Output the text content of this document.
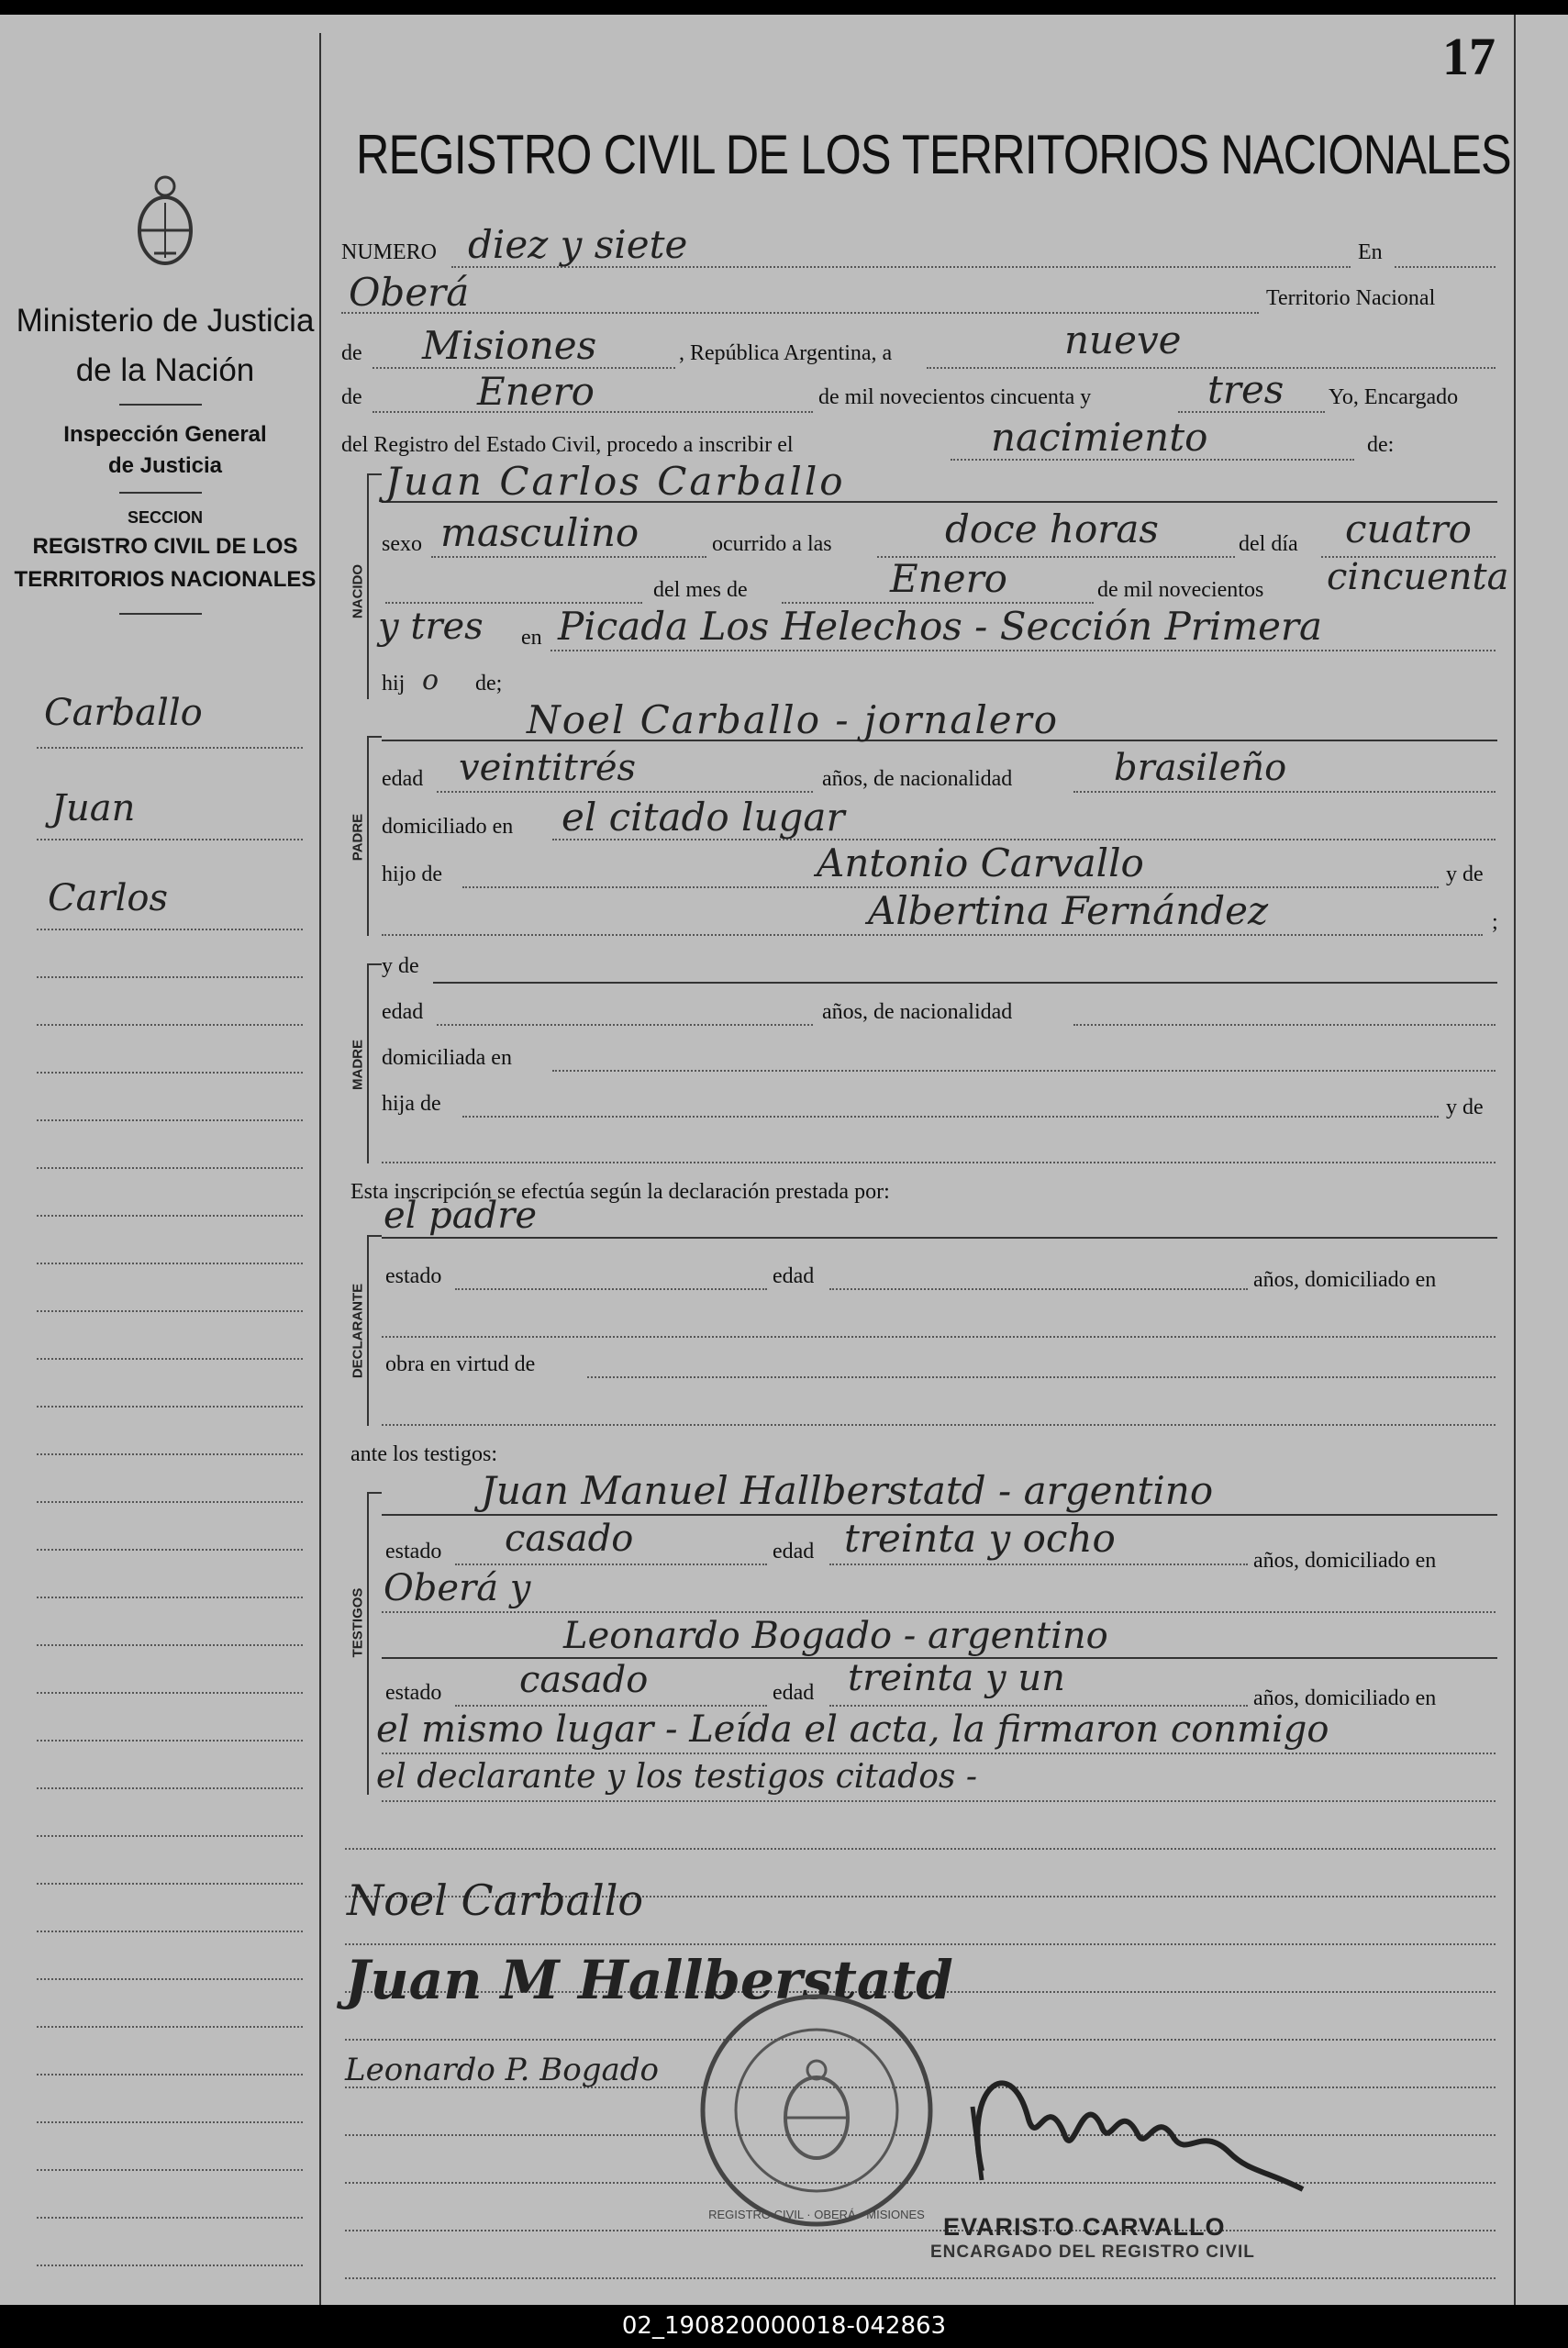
17
Ministerio de Justicia
de la Nación
Inspección General
de Justicia
SECCION
REGISTRO CIVIL DE LOS
TERRITORIOS NACIONALES
Carballo
Juan
Carlos
REGISTRO CIVIL DE LOS TERRITORIOS NACIONALES
NUMERO diez y siete	En
Oberá	Territorio Nacional
de Misiones	, República Argentina, a	nueve
de	Enero	de mil novecientos cincuenta y	tres Yo, Encargado
del Registro del Estado Civil, procedo a inscribir el	nacimiento	de:
NACIDO
Juan Carlos Carballo
sexo masculino	ocurrido a las	doce horas	del día cuatro
del mes de	Enero	de mil novecientos cincuenta
y tres en Picada Los Helechos - Sección Primera
hij o de;
PADRE
Noel Carballo - jornalero
edad veintitrés	años, de nacionalidad	brasileño
domiciliado en el citado lugar
hijo de	Antonio Carvallo	y de
Albertina Fernández	;
MADRE
y de
edad	años, de nacionalidad
domiciliada en
hija de	y de
Esta inscripción se efectúa según la declaración prestada por:
DECLARANTE
el padre
estado	edad	años, domiciliado en
obra en virtud de
ante los testigos:
TESTIGOS
Juan Manuel Hallberstatd - argentino
estado casado	edad treinta y ocho	años, domiciliado en
Oberá y
Leonardo Bogado - argentino
estado casado	edad treinta y un	años, domiciliado en
el mismo lugar - Leída el acta, la firmaron conmigo
el declarante y los testigos citados -
Noel Carballo
Juan M Hallberstatd
Leonardo P. Bogado
REGISTRO CIVIL · OBERÁ · MISIONES EVARISTO CARVALLO
ENCARGADO DEL REGISTRO CIVIL
02_190820000018-042863
